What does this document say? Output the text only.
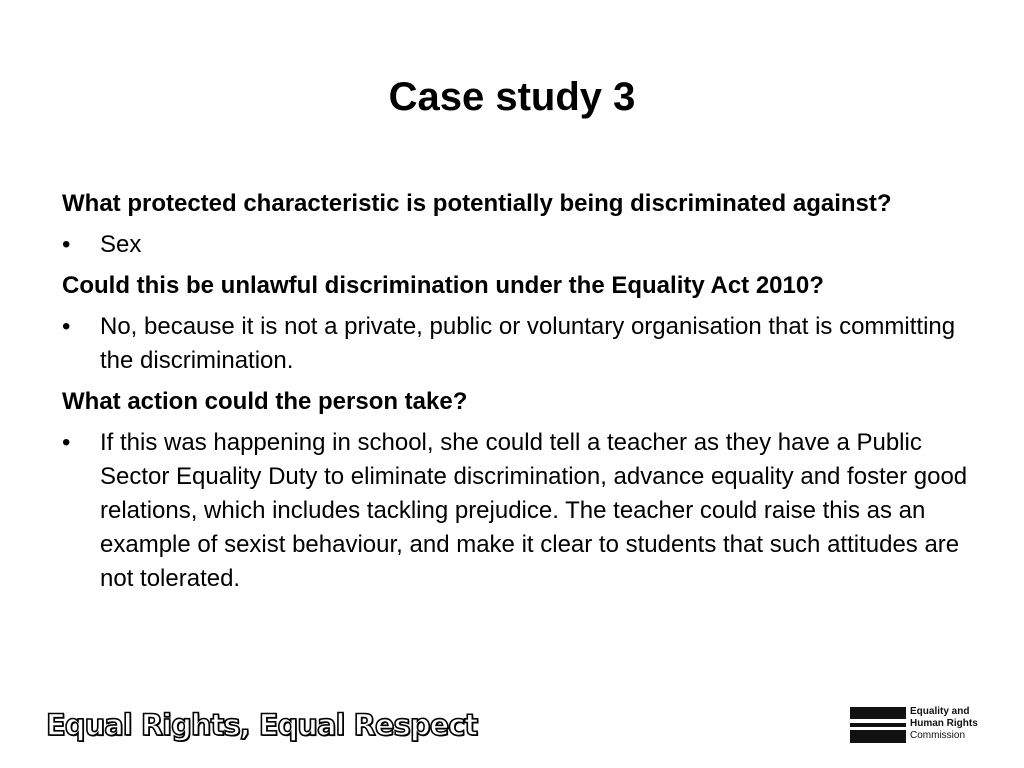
Case study 3

What protected characteristic is potentially being discriminated against?

•	Sex

Could this be unlawful discrimination under the Equality Act 2010?

•	No, because it is not a private, public or voluntary organisation that is committing the discrimination.

What action could the person take?

•	If this was happening in school, she could tell a teacher as they have a Public Sector Equality Duty to eliminate discrimination, advance equality and foster good relations, which includes tackling prejudice. The teacher could raise this as an example of sexist behaviour, and make it clear to students that such attitudes are not tolerated.
Equal Rights, Equal Respect	Equality and
Human Rights
Commission
